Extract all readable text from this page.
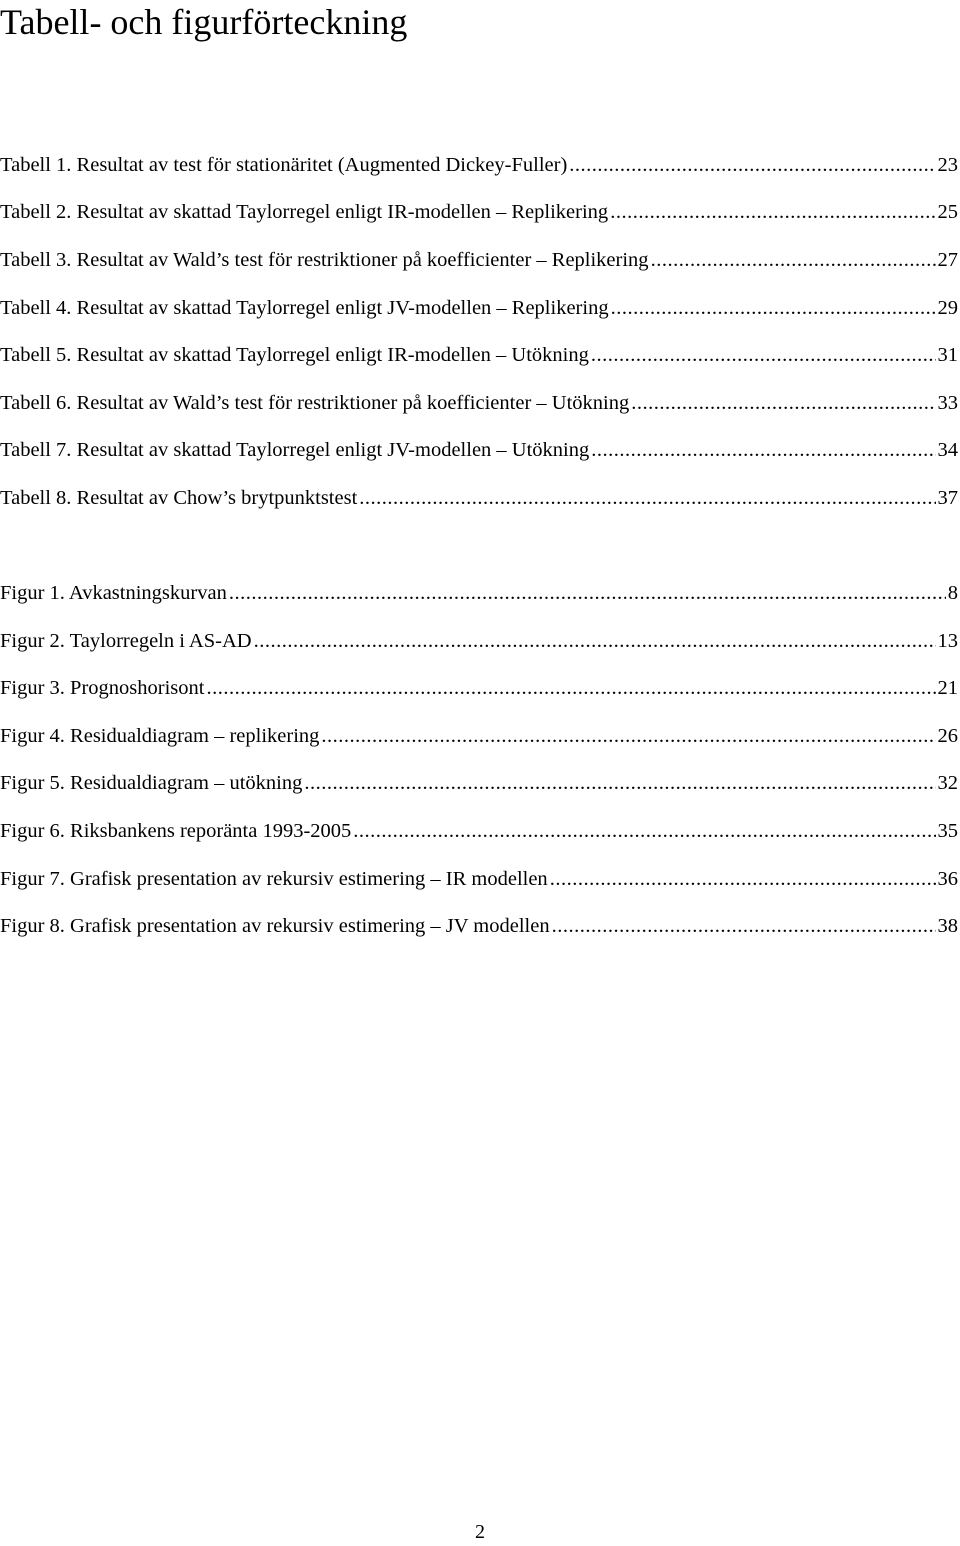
Tabell- och figurförteckning
Tabell 1. Resultat av test för stationäritet (Augmented Dickey-Fuller) .....	23
Tabell 2. Resultat av skattad Taylorregel enligt IR-modellen – Replikering .....	25
Tabell 3. Resultat av Wald’s test för restriktioner på koefficienter – Replikering .....	27
Tabell 4. Resultat av skattad Taylorregel enligt JV-modellen – Replikering .....	29
Tabell 5. Resultat av skattad Taylorregel enligt IR-modellen – Utökning .....	31
Tabell 6. Resultat av Wald’s test för restriktioner på koefficienter – Utökning .....	33
Tabell 7. Resultat av skattad Taylorregel enligt JV-modellen – Utökning .....	34
Tabell 8. Resultat av Chow’s brytpunktstest .....	37
Figur 1. Avkastningskurvan .....	8
Figur 2. Taylorregeln i AS-AD .....	13
Figur 3. Prognoshorisont .....	21
Figur 4. Residualdiagram – replikering .....	26
Figur 5. Residualdiagram – utökning .....	32
Figur 6. Riksbankens reporänta 1993-2005 .....	35
Figur 7. Grafisk presentation av rekursiv estimering – IR modellen .....	36
Figur 8. Grafisk presentation av rekursiv estimering – JV modellen .....	38
2
